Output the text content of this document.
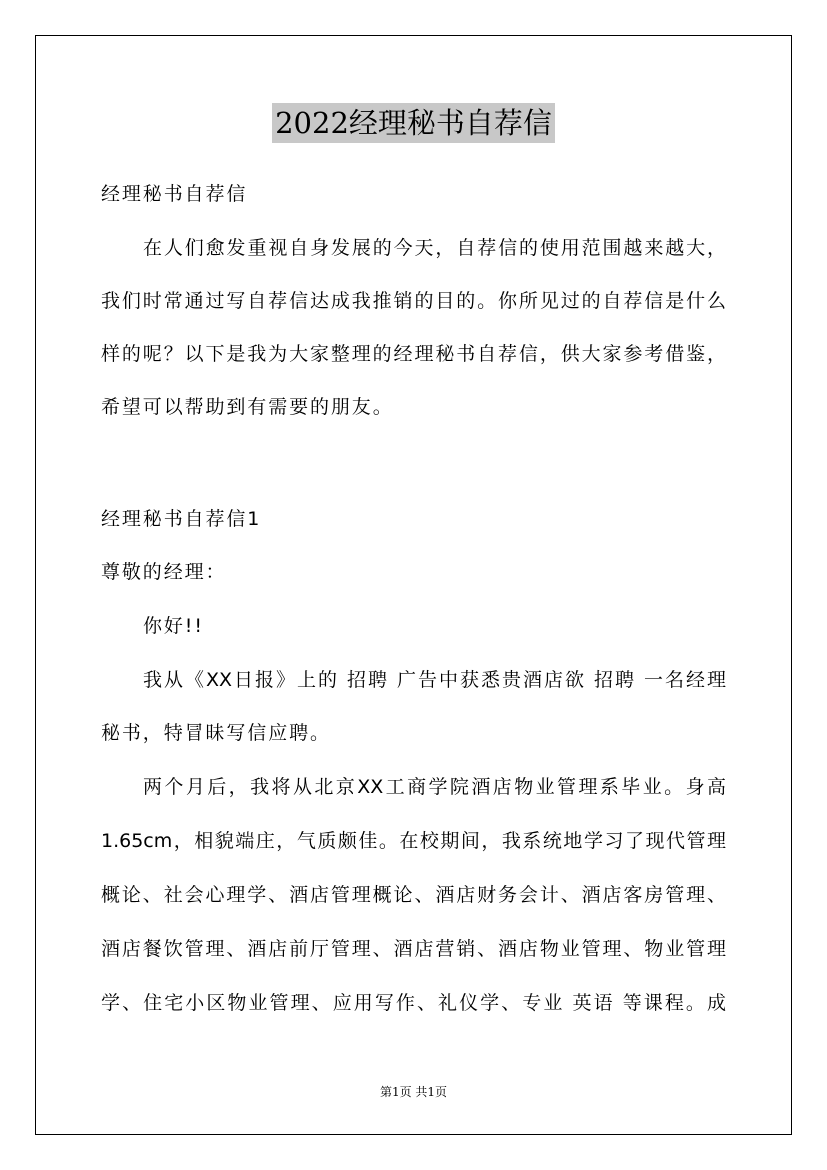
2022经理秘书自荐信
经理秘书自荐信
在人们愈发重视自身发展的今天，自荐信的使用范围越来越大，
我们时常通过写自荐信达成我推销的目的。你所见过的自荐信是什么
样的呢？以下是我为大家整理的经理秘书自荐信，供大家参考借鉴，
希望可以帮助到有需要的朋友。
经理秘书自荐信1
尊敬的经理：
你好!!
我从《XX日报》上的 招聘 广告中获悉贵酒店欲 招聘 一名经理
秘书，特冒昧写信应聘。
两个月后，我将从北京XX工商学院酒店物业管理系毕业。身高
1.65cm，相貌端庄，气质颇佳。在校期间，我系统地学习了现代管理
概论、社会心理学、酒店管理概论、酒店财务会计、酒店客房管理、
酒店餐饮管理、酒店前厅管理、酒店营销、酒店物业管理、物业管理
学、住宅小区物业管理、应用写作、礼仪学、专业 英语 等课程。成
第1页 共1页
